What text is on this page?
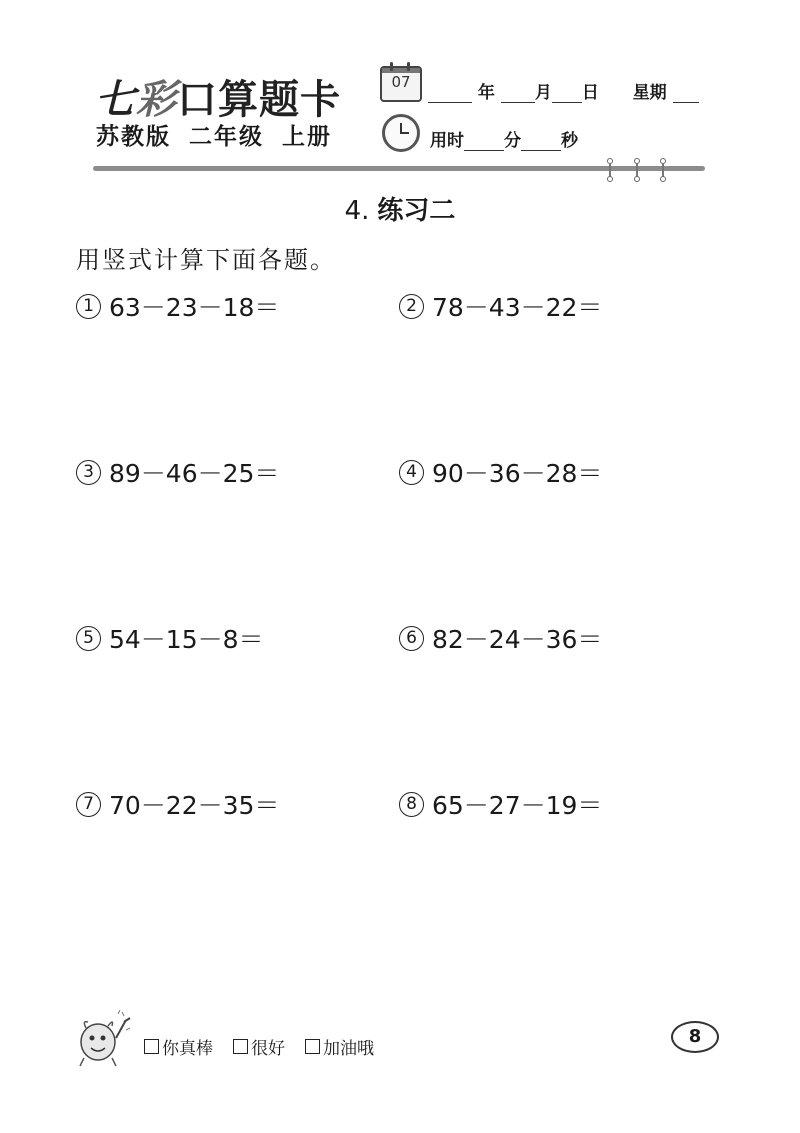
七彩口算题卡
苏教版 二年级 上册
07
年 月 日 星期
用时 分 秒
4. 练习二
用竖式计算下面各题。
1 63－23－18＝	2 78－43－22＝
3 89－46－25＝	4 90－36－28＝
5 54－15－8＝	6 82－24－36＝
7 70－22－35＝	8 65－27－19＝
你真棒 很好 加油哦
8
